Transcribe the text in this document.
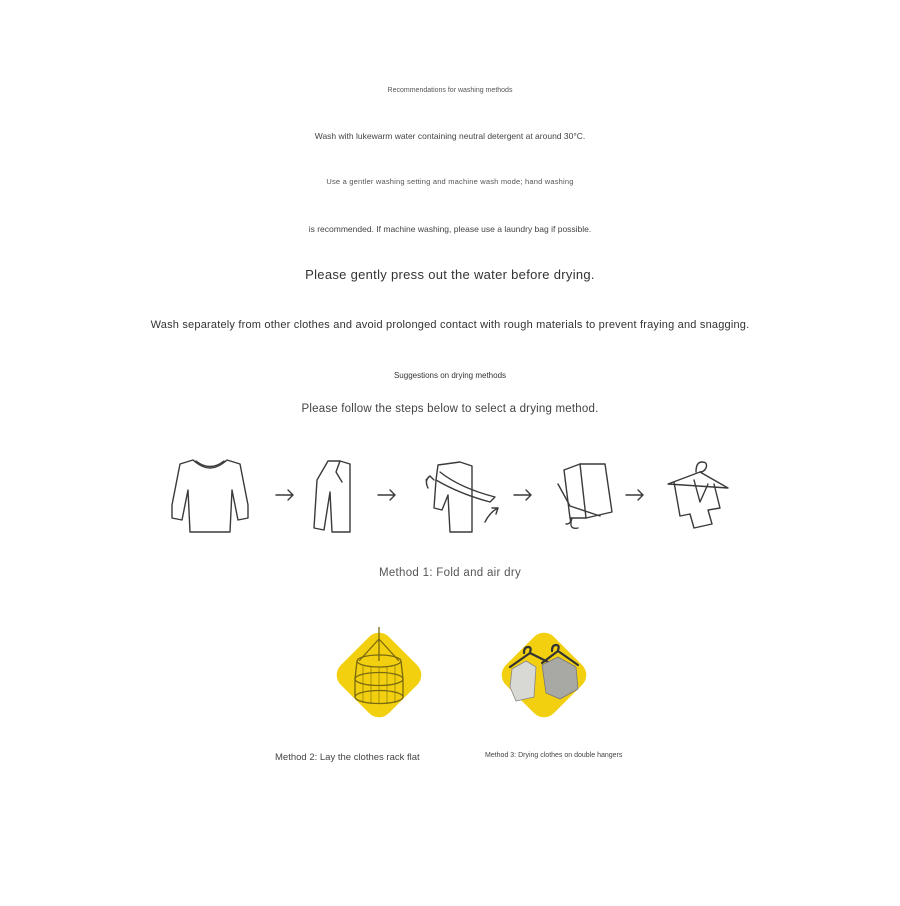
Recommendations for washing methods
Wash with lukewarm water containing neutral detergent at around 30°C.
Use a gentler washing setting and machine wash mode; hand washing
is recommended. If machine washing, please use a laundry bag if possible.
Please gently press out the water before drying.
Wash separately from other clothes and avoid prolonged contact with rough materials to prevent fraying and snagging.
Suggestions on drying methods
Please follow the steps below to select a drying method.
Method 1: Fold and air dry
Method 2: Lay the clothes rack flat	Method 3: Drying clothes on double hangers
